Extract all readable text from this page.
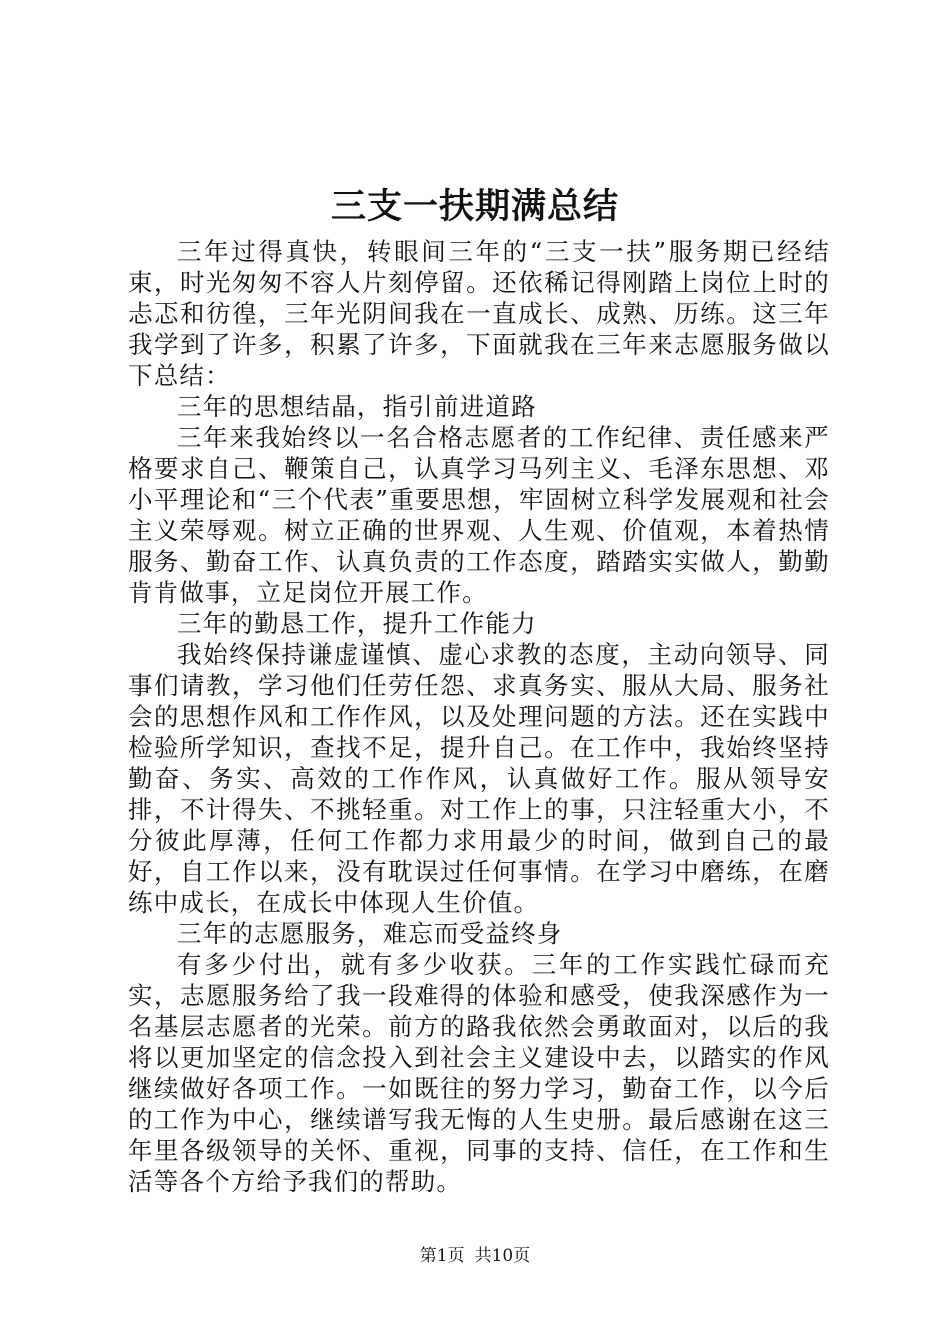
三支一扶期满总结

三年过得真快，转眼间三年的“三支一扶”服务期已经结束，时光匆匆不容人片刻停留。还依稀记得刚踏上岗位上时的忐忑和彷徨，三年光阴间我在一直成长、成熟、历练。这三年我学到了许多，积累了许多，下面就我在三年来志愿服务做以下总结：

三年的思想结晶，指引前进道路

三年来我始终以一名合格志愿者的工作纪律、责任感来严格要求自己、鞭策自己，认真学习马列主义、毛泽东思想、邓小平理论和“三个代表”重要思想，牢固树立科学发展观和社会主义荣辱观。树立正确的世界观、人生观、价值观，本着热情服务、勤奋工作、认真负责的工作态度，踏踏实实做人，勤勤肯肯做事，立足岗位开展工作。

三年的勤恳工作，提升工作能力

我始终保持谦虚谨慎、虚心求教的态度，主动向领导、同事们请教，学习他们任劳任怨、求真务实、服从大局、服务社会的思想作风和工作作风，以及处理问题的方法。还在实践中检验所学知识，查找不足，提升自己。在工作中，我始终坚持勤奋、务实、高效的工作作风，认真做好工作。服从领导安排，不计得失、不挑轻重。对工作上的事，只注轻重大小，不分彼此厚薄，任何工作都力求用最少的时间，做到自己的最好，自工作以来，没有耽误过任何事情。在学习中磨练，在磨练中成长，在成长中体现人生价值。

三年的志愿服务，难忘而受益终身

有多少付出，就有多少收获。三年的工作实践忙碌而充实，志愿服务给了我一段难得的体验和感受，使我深感作为一名基层志愿者的光荣。前方的路我依然会勇敢面对，以后的我将以更加坚定的信念投入到社会主义建设中去，以踏实的作风继续做好各项工作。一如既往的努力学习，勤奋工作，以今后的工作为中心，继续谱写我无悔的人生史册。最后感谢在这三年里各级领导的关怀、重视，同事的支持、信任，在工作和生活等各个方给予我们的帮助。

第1页 共10页
